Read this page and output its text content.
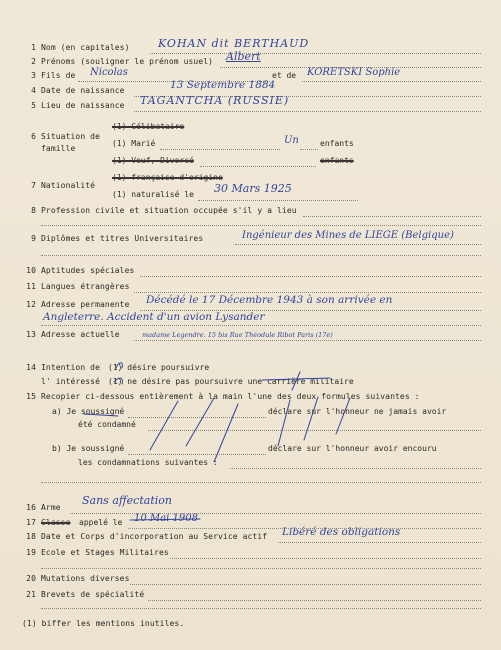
1 Nom (en capitales)	KOHAN dit BERTHAUD
2 Prénoms (souligner le prénom usuel) Albert
3 Fils de Nicolas	et de KORETSKI Sophie
4 Date de naissance	13 Septembre 1884
5 Lieu de naissance TAGANTCHA (RUSSIE)
6 Situation de
famille
(1) Célibataire
(1) Marié	Un	enfants
(1) Veuf, Divorcé	enfants
7 Nationalité
(1) française d'origine
(1) naturalisé le 30 Mars 1925
8 Profession civile et situation occupée s'il y a lieu
9 Diplômes et titres Universitaires	Ingénieur des Mines de LIEGE (Belgique)
10 Aptitudes spéciales
11 Langues étrangères
12 Adresse permanente Décédé le 17 Décembre 1943 à son arrivée en
Angleterre. Accident d'un avion Lysander
13 Adresse actuelle	madame Legendre. 15 bis Rue Théodule Ribot Paris (17e)
14 Intention de (1) désire poursuivre
l' intéressé (1) ne désire pas poursuivre une carrière militaire
15 Recopier ci-dessous entièrement à la main l'une des deux formules suivantes :
a) Je soussigné	déclare sur l'honneur ne jamais avoir
été condamné
b) Je soussigné	déclare sur l'honneur avoir encouru
les condamnations suivantes :
16 Arme
Sans affectation
17 Classe appelé le 10 Mai 1908
18 Date et Corps d'incorporation au Service actif Libéré des obligations
19 Ecole et Stages Militaires
20 Mutations diverses
21 Brevets de spécialité
(1) biffer les mentions inutiles.
